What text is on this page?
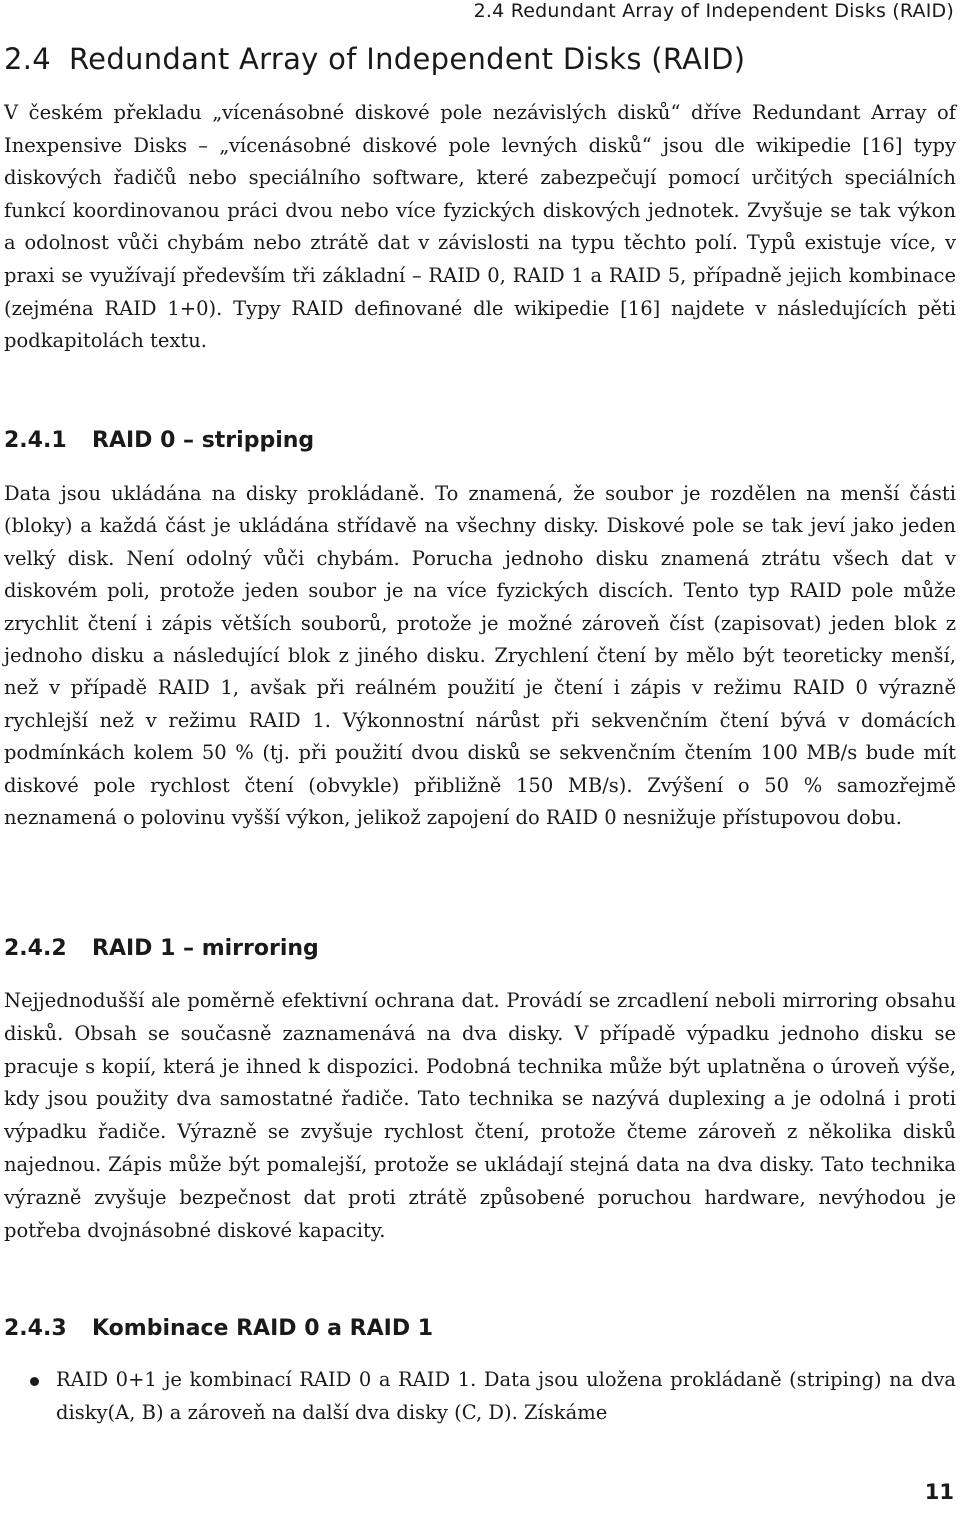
2.4 Redundant Array of Independent Disks (RAID)
2.4 Redundant Array of Independent Disks (RAID)

V českém překladu „vícenásobné diskové pole nezávislých disků“ dříve Redundant Array of Inexpensive Disks – „vícenásobné diskové pole levných disků“ jsou dle wikipedie [16] typy diskových řadičů nebo speciálního software, které zabezpečují pomocí určitých speciálních funkcí koordinovanou práci dvou nebo více fyzických diskových jednotek. Zvyšuje se tak výkon a odolnost vůči chybám nebo ztrátě dat v závislosti na typu těchto polí. Typů existuje více, v praxi se využívají především tři základní – RAID 0, RAID 1 a RAID 5, případně jejich kombinace (zejména RAID 1+0). Typy RAID definované dle wikipedie [16] najdete v následujících pěti podkapitolách textu.

2.4.1 RAID 0 – stripping

Data jsou ukládána na disky prokládaně. To znamená, že soubor je rozdělen na menší části (bloky) a každá část je ukládána střídavě na všechny disky. Diskové pole se tak jeví jako jeden velký disk. Není odolný vůči chybám. Porucha jednoho disku znamená ztrátu všech dat v diskovém poli, protože jeden soubor je na více fyzických discích. Tento typ RAID pole může zrychlit čtení i zápis větších souborů, protože je možné zároveň číst (zapisovat) jeden blok z jednoho disku a následující blok z jiného disku. Zrychlení čtení by mělo být teoreticky menší, než v případě RAID 1, avšak při reálném použití je čtení i zápis v režimu RAID 0 výrazně rychlejší než v režimu RAID 1. Výkonnostní nárůst při sekvenčním čtení bývá v domácích podmínkách kolem 50 % (tj. při použití dvou disků se sekvenčním čtením 100 MB/s bude mít diskové pole rychlost čtení (obvykle) přibližně 150 MB/s). Zvýšení o 50 % samozřejmě neznamená o polovinu vyšší výkon, jelikož zapojení do RAID 0 nesnižuje přístupovou dobu.

2.4.2 RAID 1 – mirroring

Nejjednodušší ale poměrně efektivní ochrana dat. Provádí se zrcadlení neboli mirroring obsahu disků. Obsah se současně zaznamenává na dva disky. V případě výpadku jednoho disku se pracuje s kopií, která je ihned k dispozici. Podobná technika může být uplatněna o úroveň výše, kdy jsou použity dva samostatné řadiče. Tato technika se nazývá duplexing a je odolná i proti výpadku řadiče. Výrazně se zvyšuje rychlost čtení, protože čteme zároveň z několika disků najednou. Zápis může být pomalejší, protože se ukládají stejná data na dva disky. Tato technika výrazně zvyšuje bezpečnost dat proti ztrátě způsobené poruchou hardware, nevýhodou je potřeba dvojnásobné diskové kapacity.

2.4.3 Kombinace RAID 0 a RAID 1
RAID 0+1 je kombinací RAID 0 a RAID 1. Data jsou uložena prokládaně (striping) na dva disky(A, B) a zároveň na další dva disky (C, D). Získáme
11
